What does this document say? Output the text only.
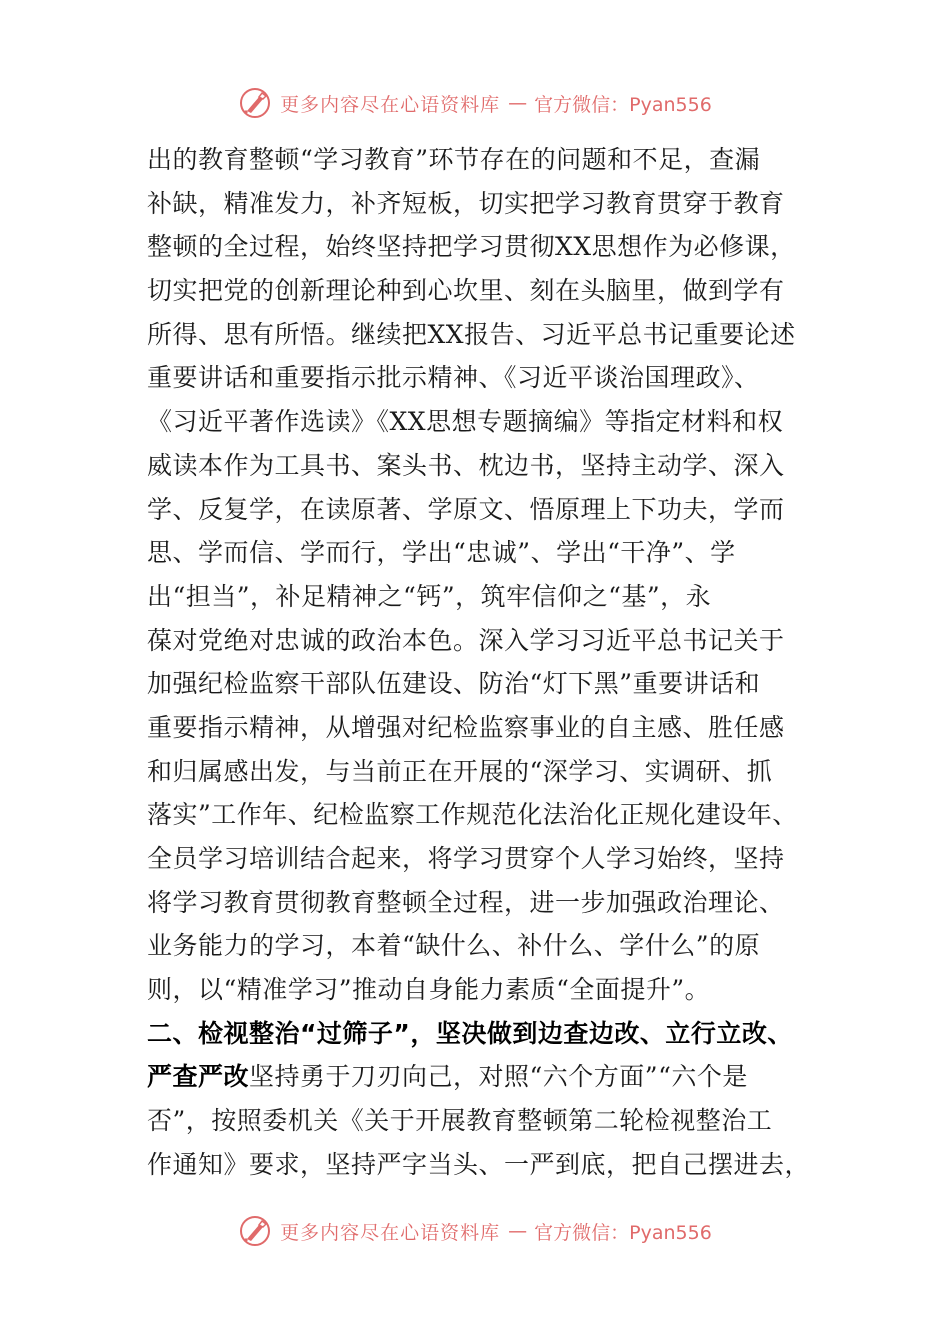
更多内容尽在心语资料库 — 官方微信：Pyan556
出的教育整顿“学习教育”环节存在的问题和不足，查漏
补缺，精准发力，补齐短板，切实把学习教育贯穿于教育
整顿的全过程，始终坚持把学习贯彻XX思想作为必修课，
切实把党的创新理论种到心坎里、刻在头脑里，做到学有
所得、思有所悟。继续把XX报告、习近平总书记重要论述
重要讲话和重要指示批示精神、《习近平谈治国理政》、
《习近平著作选读》《XX思想专题摘编》等指定材料和权
威读本作为工具书、案头书、枕边书，坚持主动学、深入
学、反复学，在读原著、学原文、悟原理上下功夫，学而
思、学而信、学而行，学出“忠诚”、学出“干净”、学
出“担当”，补足精神之“钙”，筑牢信仰之“基”，永
葆对党绝对忠诚的政治本色。深入学习习近平总书记关于
加强纪检监察干部队伍建设、防治“灯下黑”重要讲话和
重要指示精神，从增强对纪检监察事业的自主感、胜任感
和归属感出发，与当前正在开展的“深学习、实调研、抓
落实”工作年、纪检监察工作规范化法治化正规化建设年、
全员学习培训结合起来，将学习贯穿个人学习始终，坚持
将学习教育贯彻教育整顿全过程，进一步加强政治理论、
业务能力的学习，本着“缺什么、补什么、学什么”的原
则，以“精准学习”推动自身能力素质“全面提升”。
二、检视整治“过筛子”，坚决做到边查边改、立行立改、
严查严改坚持勇于刀刃向己，对照“六个方面”“六个是
否”，按照委机关《关于开展教育整顿第二轮检视整治工
作通知》要求，坚持严字当头、一严到底，把自己摆进去，
更多内容尽在心语资料库 — 官方微信：Pyan556
